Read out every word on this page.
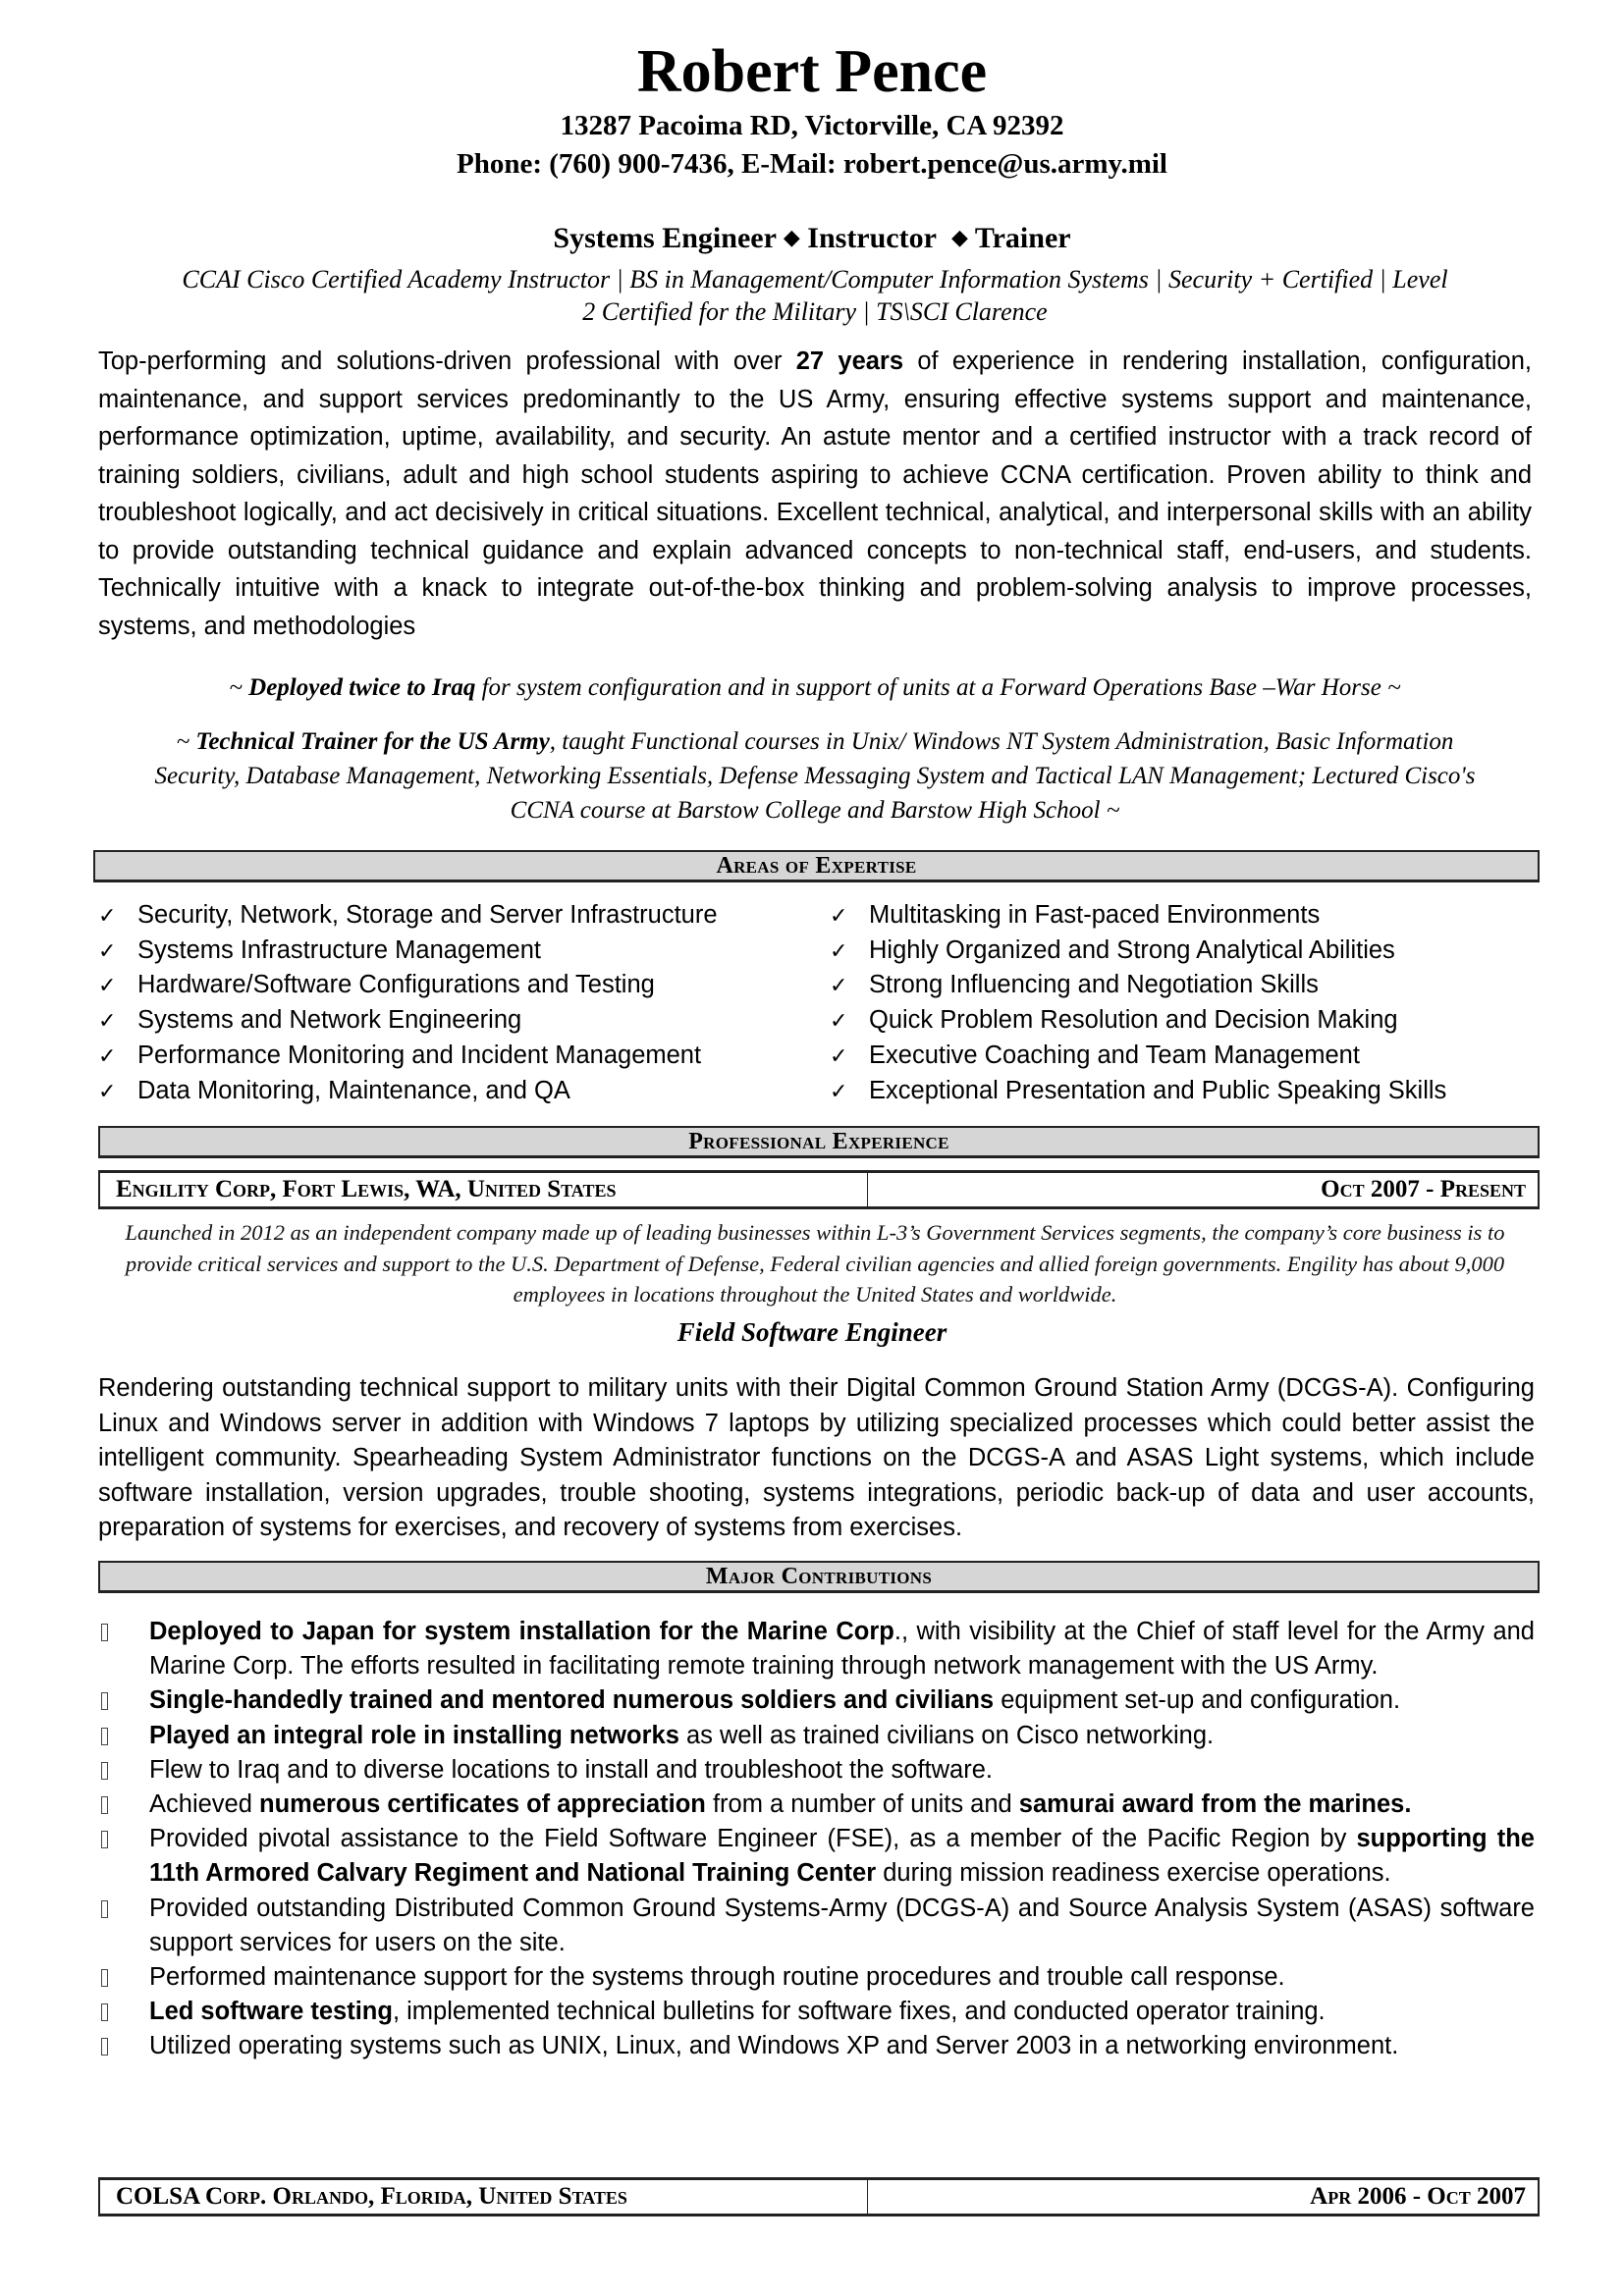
Robert Pence
13287 Pacoima RD, Victorville, CA 92392
Phone: (760) 900-7436, E-Mail: robert.pence@us.army.mil
Systems Engineer ◆ Instructor ◆ Trainer
CCAI Cisco Certified Academy Instructor | BS in Management/Computer Information Systems | Security + Certified | Level
2 Certified for the Military | TS\SCI Clarence
Top-performing and solutions-driven professional with over 27 years of experience in rendering installation, configuration, maintenance, and support services predominantly to the US Army, ensuring effective systems support and maintenance, performance optimization, uptime, availability, and security. An astute mentor and a certified instructor with a track record of training soldiers, civilians, adult and high school students aspiring to achieve CCNA certification. Proven ability to think and troubleshoot logically, and act decisively in critical situations. Excellent technical, analytical, and interpersonal skills with an ability to provide outstanding technical guidance and explain advanced concepts to non-technical staff, end-users, and students. Technically intuitive with a knack to integrate out-of-the-box thinking and problem-solving analysis to improve processes, systems, and methodologies
~ Deployed twice to Iraq for system configuration and in support of units at a Forward Operations Base –War Horse ~
~ Technical Trainer for the US Army, taught Functional courses in Unix/ Windows NT System Administration, Basic Information Security, Database Management, Networking Essentials, Defense Messaging System and Tactical LAN Management; Lectured Cisco's CCNA course at Barstow College and Barstow High School ~
Areas of Expertise
✓ Security, Network, Storage and Server Infrastructure
✓ Systems Infrastructure Management
✓ Hardware/Software Configurations and Testing
✓ Systems and Network Engineering
✓ Performance Monitoring and Incident Management
✓ Data Monitoring, Maintenance, and QA
✓ Multitasking in Fast-paced Environments
✓ Highly Organized and Strong Analytical Abilities
✓ Strong Influencing and Negotiation Skills
✓ Quick Problem Resolution and Decision Making
✓ Executive Coaching and Team Management
✓ Exceptional Presentation and Public Speaking Skills
Professional Experience
Engility Corp, Fort Lewis, WA, United States	Oct 2007 - Present
Launched in 2012 as an independent company made up of leading businesses within L-3’s Government Services segments, the company’s core business is to provide critical services and support to the U.S. Department of Defense, Federal civilian agencies and allied foreign governments. Engility has about 9,000 employees in locations throughout the United States and worldwide.
Field Software Engineer
Rendering outstanding technical support to military units with their Digital Common Ground Station Army (DCGS-A). Configuring Linux and Windows server in addition with Windows 7 laptops by utilizing specialized processes which could better assist the intelligent community. Spearheading System Administrator functions on the DCGS-A and ASAS Light systems, which include software installation, version upgrades, trouble shooting, systems integrations, periodic back-up of data and user accounts, preparation of systems for exercises, and recovery of systems from exercises.
Major Contributions
Deployed to Japan for system installation for the Marine Corp., with visibility at the Chief of staff level for the Army and Marine Corp. The efforts resulted in facilitating remote training through network management with the US Army.
Single-handedly trained and mentored numerous soldiers and civilians equipment set-up and configuration.
Played an integral role in installing networks as well as trained civilians on Cisco networking.
Flew to Iraq and to diverse locations to install and troubleshoot the software.
Achieved numerous certificates of appreciation from a number of units and samurai award from the marines.
Provided pivotal assistance to the Field Software Engineer (FSE), as a member of the Pacific Region by supporting the 11th Armored Calvary Regiment and National Training Center during mission readiness exercise operations.
Provided outstanding Distributed Common Ground Systems-Army (DCGS-A) and Source Analysis System (ASAS) software support services for users on the site.
Performed maintenance support for the systems through routine procedures and trouble call response.
Led software testing, implemented technical bulletins for software fixes, and conducted operator training.
Utilized operating systems such as UNIX, Linux, and Windows XP and Server 2003 in a networking environment.
COLSA Corp. Orlando, Florida, United States	Apr 2006 - Oct 2007
